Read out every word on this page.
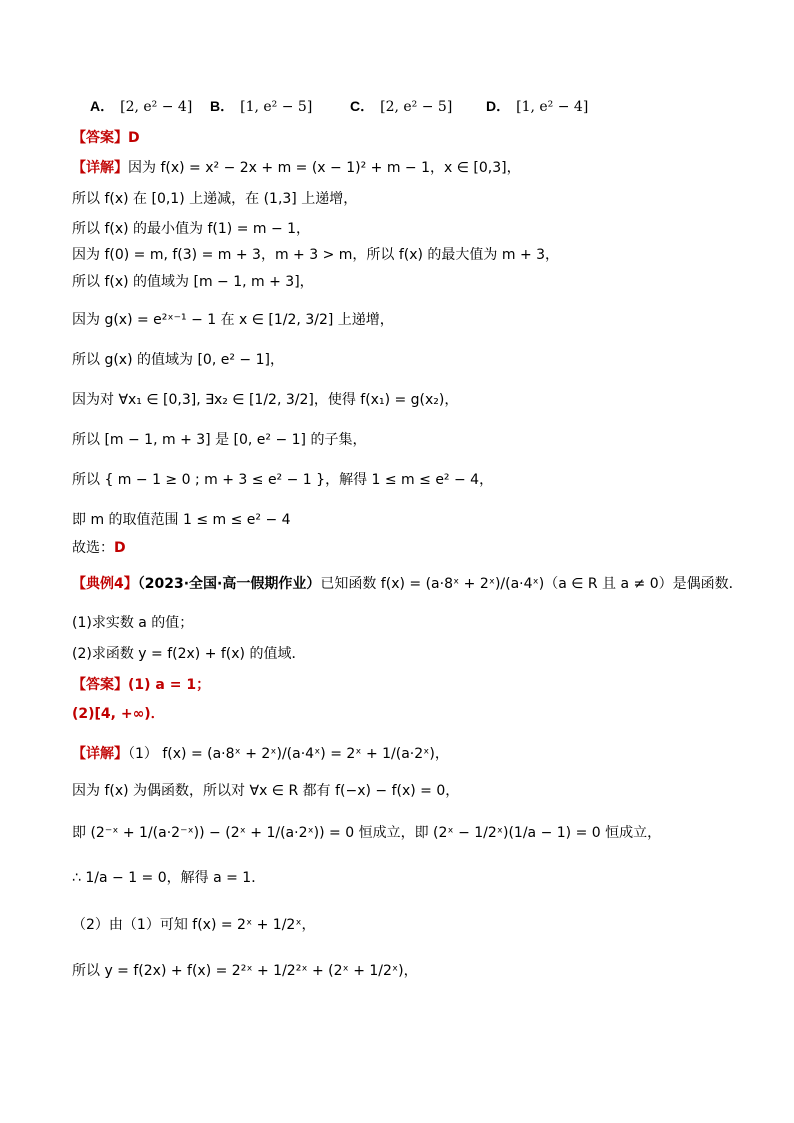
A． [2, e² − 4] B． [1, e² − 5]	C． [2, e² − 5] D． [1, e² − 4]
【答案】D
【详解】因为 f(x) = x² − 2x + m = (x − 1)² + m − 1，x ∈ [0,3]，
所以 f(x) 在 [0,1) 上递减，在 (1,3] 上递增，
所以 f(x) 的最小值为 f(1) = m − 1，
因为 f(0) = m, f(3) = m + 3，m + 3 > m，所以 f(x) 的最大值为 m + 3，
所以 f(x) 的值域为 [m − 1, m + 3]，
因为 g(x) = e²ˣ⁻¹ − 1 在 x ∈ [1/2, 3/2] 上递增，
所以 g(x) 的值域为 [0, e² − 1]，
因为对 ∀x₁ ∈ [0,3], ∃x₂ ∈ [1/2, 3/2]，使得 f(x₁) = g(x₂)，
所以 [m − 1, m + 3] 是 [0, e² − 1] 的子集，
所以 { m − 1 ≥ 0 ; m + 3 ≤ e² − 1 }，解得 1 ≤ m ≤ e² − 4，
即 m 的取值范围 1 ≤ m ≤ e² − 4
故选：D
【典例4】（2023·全国·高一假期作业）已知函数 f(x) = (a·8ˣ + 2ˣ)/(a·4ˣ)（a ∈ R 且 a ≠ 0）是偶函数．
(1)求实数 a 的值；
(2)求函数 y = f(2x) + f(x) 的值域．
【答案】(1) a = 1；
(2)[4, +∞)．
【详解】（1） f(x) = (a·8ˣ + 2ˣ)/(a·4ˣ) = 2ˣ + 1/(a·2ˣ)，
因为 f(x) 为偶函数，所以对 ∀x ∈ R 都有 f(−x) − f(x) = 0，
即 (2⁻ˣ + 1/(a·2⁻ˣ)) − (2ˣ + 1/(a·2ˣ)) = 0 恒成立，即 (2ˣ − 1/2ˣ)(1/a − 1) = 0 恒成立，
∴ 1/a − 1 = 0，解得 a = 1．
（2）由（1）可知 f(x) = 2ˣ + 1/2ˣ，
所以 y = f(2x) + f(x) = 2²ˣ + 1/2²ˣ + (2ˣ + 1/2ˣ)，
